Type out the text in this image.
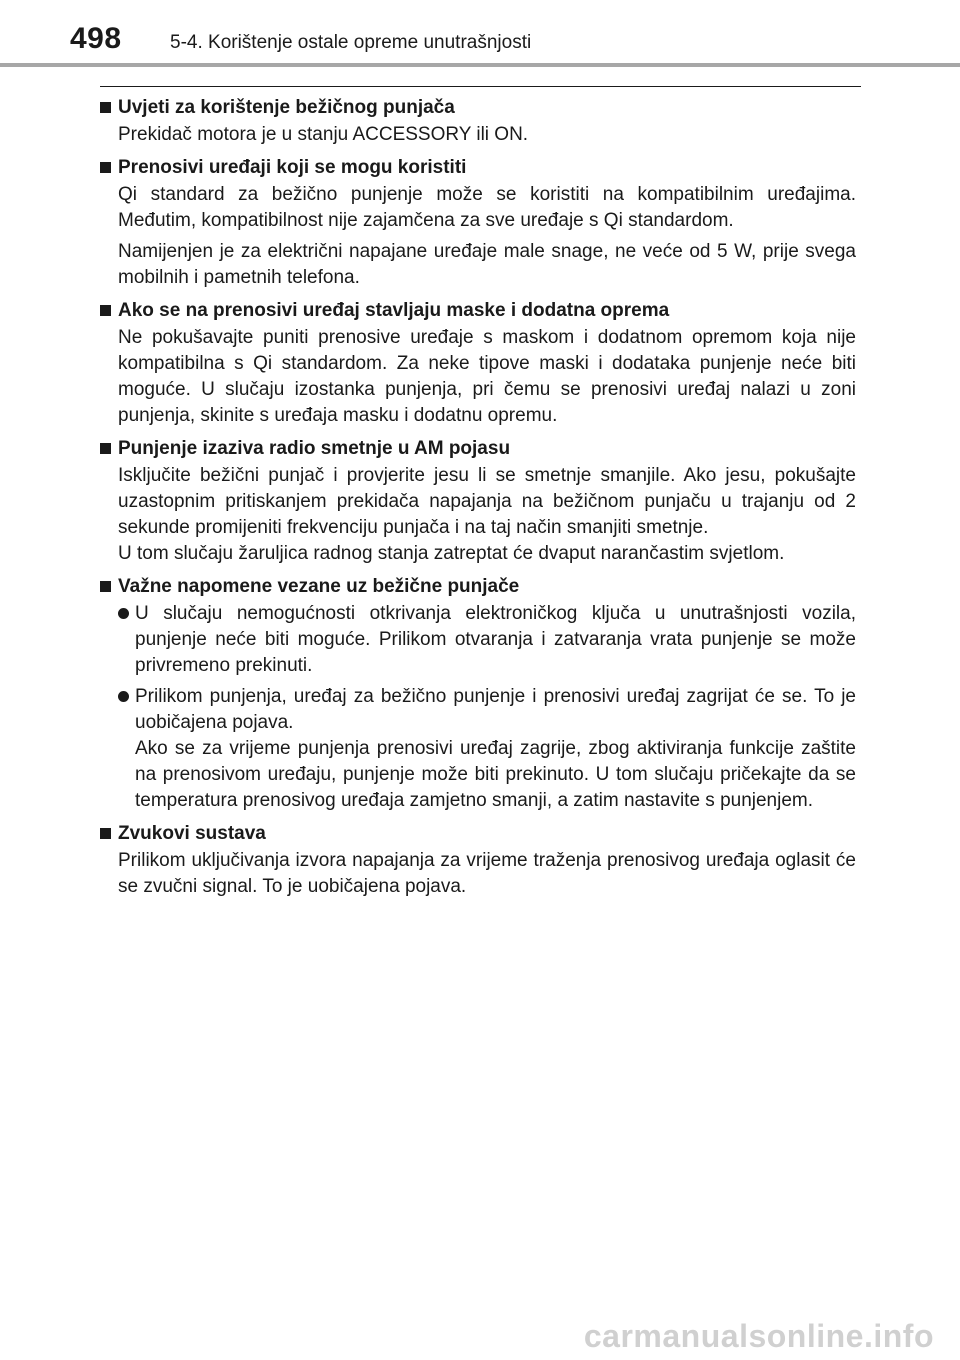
498	5-4. Korištenje ostale opreme unutrašnjosti
Uvjeti za korištenje bežičnog punjača
Prekidač motora je u stanju ACCESSORY ili ON.
Prenosivi uređaji koji se mogu koristiti
Qi standard za bežično punjenje može se koristiti na kompatibilnim uređajima. Međutim, kompatibilnost nije zajamčena za sve uređaje s Qi standardom.
Namijenjen je za električni napajane uređaje male snage, ne veće od 5 W, prije svega mobilnih i pametnih telefona.
Ako se na prenosivi uređaj stavljaju maske i dodatna oprema
Ne pokušavajte puniti prenosive uređaje s maskom i dodatnom opremom koja nije kompatibilna s Qi standardom. Za neke tipove maski i dodataka punjenje neće biti moguće. U slučaju izostanka punjenja, pri čemu se prenosivi uređaj nalazi u zoni punjenja, skinite s uređaja masku i dodatnu opremu.
Punjenje izaziva radio smetnje u AM pojasu
Isključite bežični punjač i provjerite jesu li se smetnje smanjile. Ako jesu, pokušajte uzastopnim pritiskanjem prekidača napajanja na bežičnom punjaču u trajanju od 2 sekunde promijeniti frekvenciju punjača i na taj način smanjiti smetnje.
U tom slučaju žaruljica radnog stanja zatreptat će dvaput narančastim svjetlom.
Važne napomene vezane uz bežične punjače
U slučaju nemogućnosti otkrivanja elektroničkog ključa u unutrašnjosti vozila, punjenje neće biti moguće. Prilikom otvaranja i zatvaranja vrata punjenje se može privremeno prekinuti.
Prilikom punjenja, uređaj za bežično punjenje i prenosivi uređaj zagrijat će se. To je uobičajena pojava.
Ako se za vrijeme punjenja prenosivi uređaj zagrije, zbog aktiviranja funkcije zaštite na prenosivom uređaju, punjenje može biti prekinuto. U tom slučaju pričekajte da se temperatura prenosivog uređaja zamjetno smanji, a zatim nastavite s punjenjem.
Zvukovi sustava
Prilikom uključivanja izvora napajanja za vrijeme traženja prenosivog uređaja oglasit će se zvučni signal. To je uobičajena pojava.
carmanualsonline.info
